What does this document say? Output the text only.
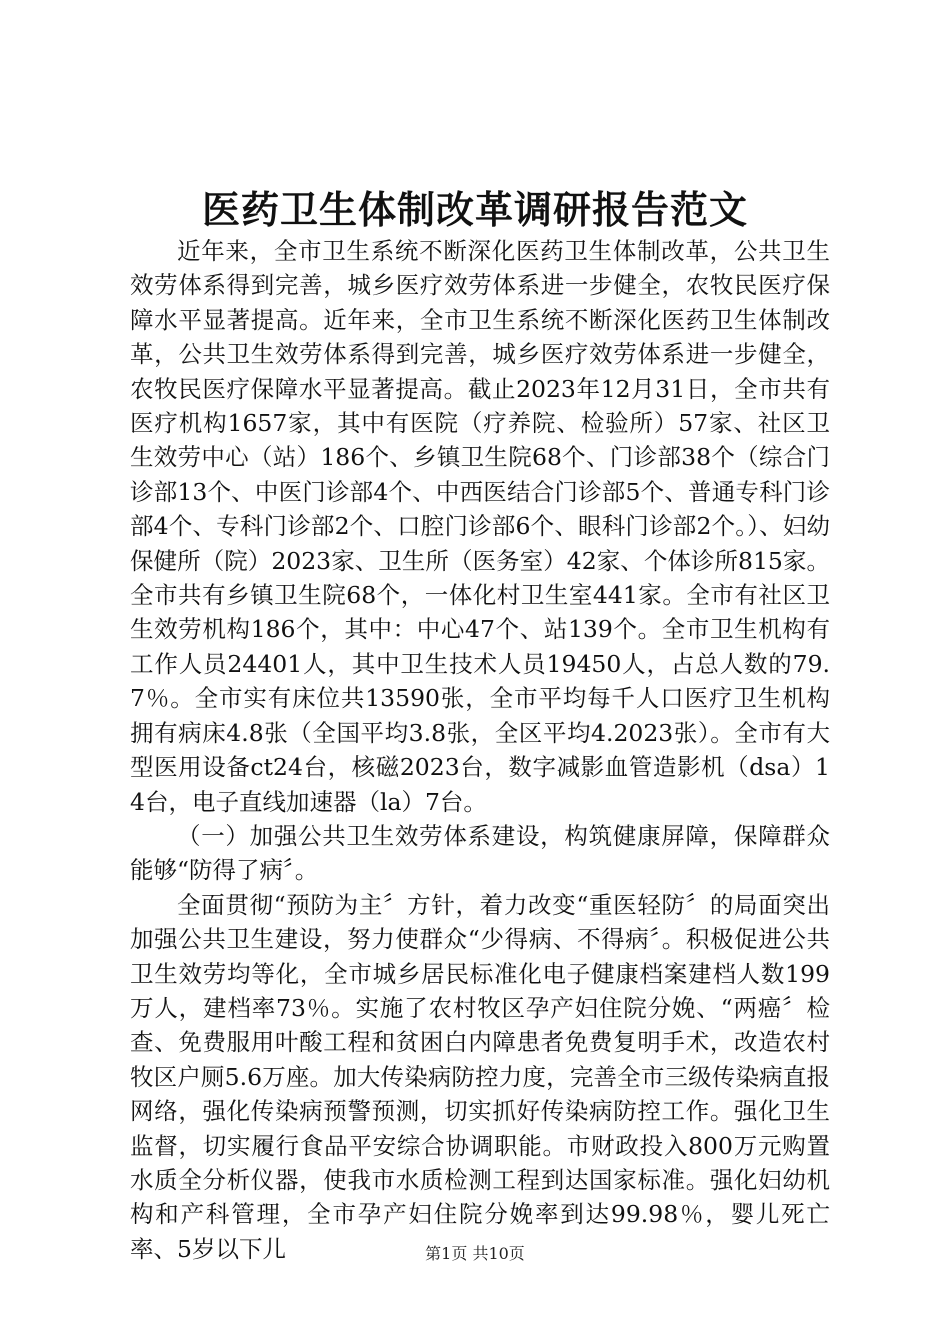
医药卫生体制改革调研报告范文

近年来，全市卫生系统不断深化医药卫生体制改革，公共卫生效劳体系得到完善，城乡医疗效劳体系进一步健全，农牧民医疗保障水平显著提高。近年来，全市卫生系统不断深化医药卫生体制改革，公共卫生效劳体系得到完善，城乡医疗效劳体系进一步健全，农牧民医疗保障水平显著提高。截止2023年12月31日，全市共有医疗机构1657家，其中有医院（疗养院、检验所）57家、社区卫生效劳中心（站）186个、乡镇卫生院68个、门诊部38个（综合门诊部13个、中医门诊部4个、中西医结合门诊部5个、普通专科门诊部4个、专科门诊部2个、口腔门诊部6个、眼科门诊部2个。）、妇幼保健所（院）2023家、卫生所（医务室）42家、个体诊所815家。全市共有乡镇卫生院68个，一体化村卫生室441家。全市有社区卫生效劳机构186个，其中：中心47个、站139个。全市卫生机构有工作人员24401人，其中卫生技术人员19450人，占总人数的79.7％。全市实有床位共13590张，全市平均每千人口医疗卫生机构拥有病床4.8张（全国平均3.8张，全区平均4.2023张）。全市有大型医用设备ct24台，核磁2023台，数字减影血管造影机（dsa）14台，电子直线加速器（la）7台。

（一）加强公共卫生效劳体系建设，构筑健康屏障，保障群众能够“防得了病〞。

全面贯彻“预防为主〞方针，着力改变“重医轻防〞的局面突出加强公共卫生建设，努力使群众“少得病、不得病〞。积极促进公共卫生效劳均等化，全市城乡居民标准化电子健康档案建档人数199万人，建档率73％。实施了农村牧区孕产妇住院分娩、“两癌〞检查、免费服用叶酸工程和贫困白内障患者免费复明手术，改造农村牧区户厕5.6万座。加大传染病防控力度，完善全市三级传染病直报网络，强化传染病预警预测，切实抓好传染病防控工作。强化卫生监督，切实履行食品平安综合协调职能。市财政投入800万元购置水质全分析仪器，使我市水质检测工程到达国家标准。强化妇幼机构和产科管理，全市孕产妇住院分娩率到达99.98％，婴儿死亡率、5岁以下儿	第1页 共10页
